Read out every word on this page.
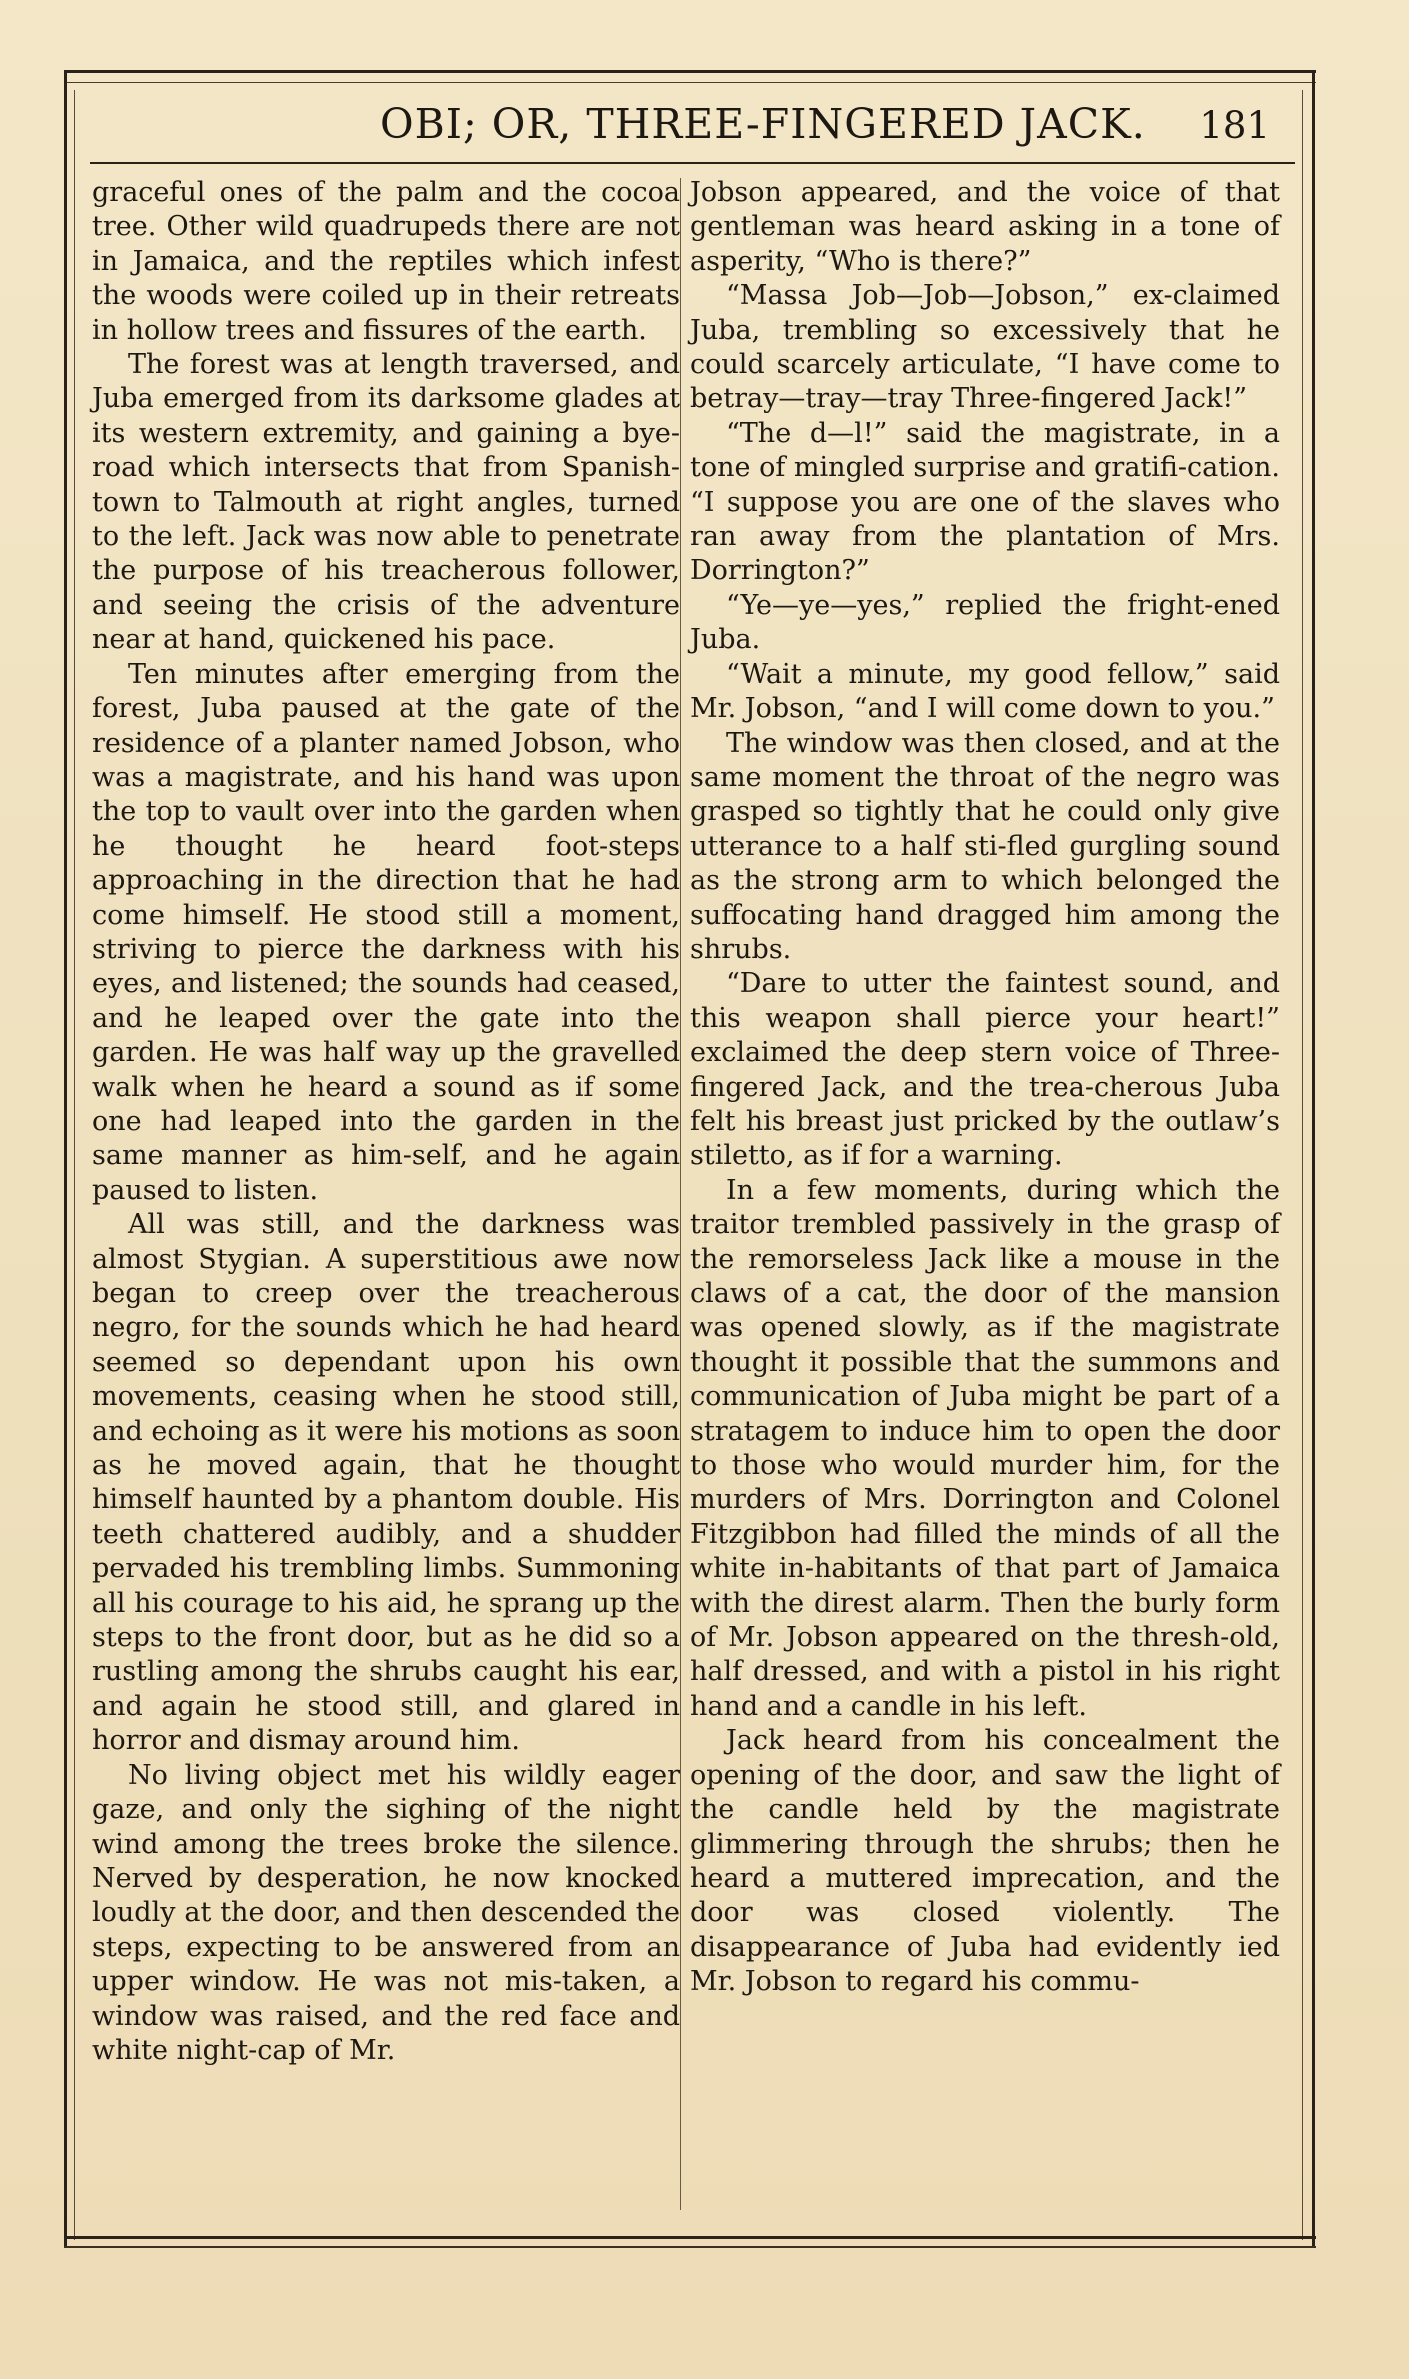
OBI; OR, THREE-FINGERED JACK.	181

graceful ones of the palm and the cocoa tree. Other wild quadrupeds there are not in Jamaica, and the reptiles which infest the woods were coiled up in their retreats in hollow trees and fissures of the earth.

The forest was at length traversed, and Juba emerged from its darksome glades at its western extremity, and gaining a bye-road which intersects that from Spanish-town to Talmouth at right angles, turned to the left. Jack was now able to penetrate the purpose of his treacherous follower, and seeing the crisis of the adventure near at hand, quickened his pace.

Ten minutes after emerging from the forest, Juba paused at the gate of the residence of a planter named Jobson, who was a magistrate, and his hand was upon the top to vault over into the garden when he thought he heard foot-steps approaching in the direction that he had come himself. He stood still a moment, striving to pierce the darkness with his eyes, and listened; the sounds had ceased, and he leaped over the gate into the garden. He was half way up the gravelled walk when he heard a sound as if some one had leaped into the garden in the same manner as him-self, and he again paused to listen.

All was still, and the darkness was almost Stygian. A superstitious awe now began to creep over the treacherous negro, for the sounds which he had heard seemed so dependant upon his own movements, ceasing when he stood still, and echoing as it were his motions as soon as he moved again, that he thought himself haunted by a phantom double. His teeth chattered audibly, and a shudder pervaded his trembling limbs. Summoning all his courage to his aid, he sprang up the steps to the front door, but as he did so a rustling among the shrubs caught his ear, and again he stood still, and glared in horror and dismay around him.

No living object met his wildly eager gaze, and only the sighing of the night wind among the trees broke the silence. Nerved by desperation, he now knocked loudly at the door, and then descended the steps, expecting to be answered from an upper window. He was not mis-taken, a window was raised, and the red face and white night-cap of Mr.

Jobson appeared, and the voice of that gentleman was heard asking in a tone of asperity, “Who is there?”

“Massa Job—Job—Jobson,” ex-claimed Juba, trembling so excessively that he could scarcely articulate, “I have come to betray—tray—tray Three-fingered Jack!”

“The d—l!” said the magistrate, in a tone of mingled surprise and gratifi-cation. “I suppose you are one of the slaves who ran away from the plantation of Mrs. Dorrington?”

“Ye—ye—yes,” replied the fright-ened Juba.

“Wait a minute, my good fellow,” said Mr. Jobson, “and I will come down to you.”

The window was then closed, and at the same moment the throat of the negro was grasped so tightly that he could only give utterance to a half sti-fled gurgling sound as the strong arm to which belonged the suffocating hand dragged him among the shrubs.

“Dare to utter the faintest sound, and this weapon shall pierce your heart!” exclaimed the deep stern voice of Three-fingered Jack, and the trea-cherous Juba felt his breast just pricked by the outlaw’s stiletto, as if for a warning.

In a few moments, during which the traitor trembled passively in the grasp of the remorseless Jack like a mouse in the claws of a cat, the door of the mansion was opened slowly, as if the magistrate thought it possible that the summons and communication of Juba might be part of a stratagem to induce him to open the door to those who would murder him, for the murders of Mrs. Dorrington and Colonel Fitzgibbon had filled the minds of all the white in-habitants of that part of Jamaica with the direst alarm. Then the burly form of Mr. Jobson appeared on the thresh-old, half dressed, and with a pistol in his right hand and a candle in his left.

Jack heard from his concealment the opening of the door, and saw the light of the candle held by the magistrate glimmering through the shrubs; then he heard a muttered imprecation, and the door was closed violently. The disappearance of Juba had evidently ied Mr. Jobson to regard his commu-
